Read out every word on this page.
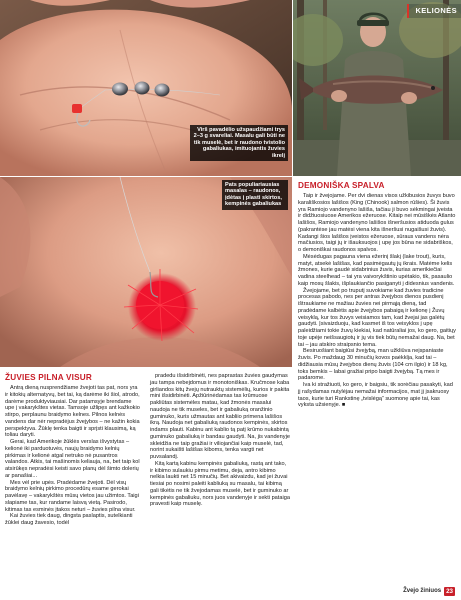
Virš pavadėlio užspaudžiami trys 2–3 g svareliai. Masalu gali būti ne tik muselė, bet ir raudono tvistolio gabaliukas, imituojantis žuvies ikrelį
KELIONĖS
Pats populiariausias masalas – raudonos, įdėtas į plasti skirtos, kempinės gabaliukas
DEMONIŠKA SPALVA

Taip ir žvejojame. Per dvi dienas visos užkibusios žuvys buvo karališkosios lašišos (King (Chinook) salmon rūšies). Ši žuvis yra Ramiojo vandenyno lašiša, tačiau ji buvo sėkmingai įveista ir didžiuosiuose Amerikos ežeruose. Kitaip nei mūsiškės Atlanto lašišos, Ramiojo vandenyno lašišos išneršusios atiduoda gulus (pakrantėse jau matėsi viena kita išneršusi nugaišusi žuvis). Kadangi šios lašišos įveistos ežeruose, sūraus vandens nėra mačiusios, taigi jų ir išauksuojos į upę jos būna ne sidabriškos, o demoniškai raudonos spalvos.

Mėsėdugas pagauna viena ežerinį šlakį (lake trout), kuris, matyt, atsekė lašišas, kad pasimėgautų jų ikrais. Matėme kelis žmones, kurie gaudė sidabrinius žuvis, kurias amerikiečiai vadina steelhead – tai yra vaivorykštinio upėtakio, tik, pasaulio kaip mosų šlakis, išplaukiančio pasiganyti į didesnius vandenis.

Žvejojame, bet po truputį suvokiame kad žuvies tradicine procesas pabodo, nes per antras žvejybos dienos pusdienį ištraukiame ne mažiau žuvies nei pirmąją dieną, tad pradėdame kalbėtis apie žvejybos pabaigą ir kelionę į Žuvų veisyklą, kur tos žuvys veisiamos tam, kad žvejai jas galėtų gaudyti. Įsivaizduoju, kad kasmet iš tos veisyklos į upę paleidžiami tokie žuvų kiekiai, kad natūraliai jos, ko gero, gaitiųy toje upėje neišsaugiotų ir jų vis tiek būtų nemažai daug. Na, bet tai – jau atskiro straipsnio tema.

Besiruošiant baigiūsi žvejybą, man užkliūva neįspaniaste žuvis. Po maždaug 30 minučių kovos paėkklįa, kad tai – didžiausia mūsų žvejybos dienų žuvis (104 cm ilgio) ir 18 kg, toks bemkis – labai gražiai pripo baigti žvejybą. Tą mes ir padarome.

Iva ki stražiuoti, ko gero, ir baigsiu, tik sorėčiau pasakyti, kad jį rašydamas nutylėjau nemažai informacijos, mat jį įsakruosy taos, kurie turi Rankstinę „tvislėgą“ suomonę apie tai, kas vyksta užsienyje. ■

ŽUVIES PILNA VISUR

Antrą dieną nusprendžiame žvejoti tas pat, nors yra ir kitokių alternatyvų, bet tai, ką darėme iki šiol, atrodo, darėme produktyviausiai. Dar patamsyje brendame upe į vakarykštes vietas. Tamsoje užlipęs ant kažkokio stirpo, perplaunu braidymo kelnes. Pilnos kelnės vandens dar nėr nepradėjus žvejybos – ne kažin kokia perspektyva. Žūklę tenka baigti ir sprįsti klausimą, ką toliau daryti.

Gerai, kad Amerikoje žūklės verslas išvystytas – kelionė iki parduotuvės, naujų braidymo kelnių pirkimas ir kelionė atgal netruko nė pusantros valandos. Atkis, tai mašinomis keliauja, na, bet taip kol atsirūkęs nepradėsi keisti savo planų dėl šimto dolerių ar panašiai...

Mes vėl prie upės. Pradėdame žvejoti. Dėl visų braidymo kelnių pirkimo procedūrų esame gerokai pavėlavę – vakarykštės mūsų vietos jau užimtos. Taigi slapiame tas, kur randame laisvą vietą. Pasirodo, kitimas tas esminės įtakos neturi – žuvies pilna visur.

Kai žuvies tiek daug, dingsta paslaptis, sutelkianti žūklei daug žavesio, todėl

pradedu išsidirbinėti, nes paprastas žuvies gaudymas jau tampa nebejdomus ir monotoniškas. Kručmose kaba girliandos kitų žvejų nutrauktų sistemėlių, kurios ir pakita mini išsidirbinėti. Apžiūrinėdamas tas krūmuose pakliūtas sistemėles matau, kad žmonės masalui naudoja ne tik museles, bet ir gabaliuką oranžinio guminuko, kuris užmautas ant kabliio primena lašišos ikrą. Naudoja net gabaliuką raudonos kempinės, skirtos indams plauti. Kabinu ant kablio tą patį krūmo nukabintą guminuko gabaliuką ir bandau gaudyti. Na, jis vandenyje skleidžia ne taip gražiai ir viliojančiai kaip muselė, tad, norint sukaišti lašišas kiboms, tenka vargti net puvsalandį.

Kitą kartą kabinu kempinės gabaliuką, rastą ant tako, ir kibimo sulaukiu pirmu metimu, deja, antro kibimo nelkia laukti net 15 minučių. Bet akivaizdu, kad jei žuvai tiesiai po nosimi paleiti kabliuką su masalu, tai kibimą gali tikėtis ne tik žvejodamas muselė, bet ir guminuko ar kempinės gabaliuku, nors juos vandenyje ir sekti pataiga pravesti kaip muselę.

Žvejo žiniuos 23
